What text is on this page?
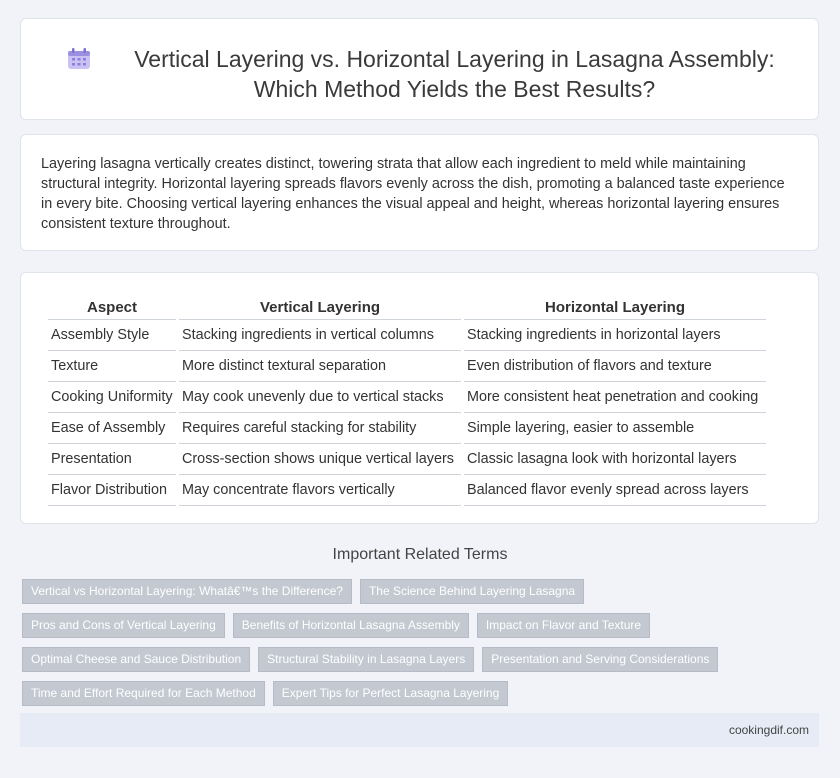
Vertical Layering vs. Horizontal Layering in Lasagna Assembly: Which Method Yields the Best Results?
Layering lasagna vertically creates distinct, towering strata that allow each ingredient to meld while maintaining structural integrity. Horizontal layering spreads flavors evenly across the dish, promoting a balanced taste experience in every bite. Choosing vertical layering enhances the visual appeal and height, whereas horizontal layering ensures consistent texture throughout.
Aspect	Vertical Layering	Horizontal Layering
Assembly Style	Stacking ingredients in vertical columns	Stacking ingredients in horizontal layers
Texture	More distinct textural separation	Even distribution of flavors and texture
Cooking Uniformity	May cook unevenly due to vertical stacks	More consistent heat penetration and cooking
Ease of Assembly	Requires careful stacking for stability	Simple layering, easier to assemble
Presentation	Cross-section shows unique vertical layers	Classic lasagna look with horizontal layers
Flavor Distribution	May concentrate flavors vertically	Balanced flavor evenly spread across layers
Important Related Terms
Vertical vs Horizontal Layering: Whatâ€™s the Difference?	The Science Behind Layering Lasagna
Pros and Cons of Vertical Layering	Benefits of Horizontal Lasagna Assembly	Impact on Flavor and Texture
Optimal Cheese and Sauce Distribution	Structural Stability in Lasagna Layers	Presentation and Serving Considerations
Time and Effort Required for Each Method	Expert Tips for Perfect Lasagna Layering
cookingdif.com
